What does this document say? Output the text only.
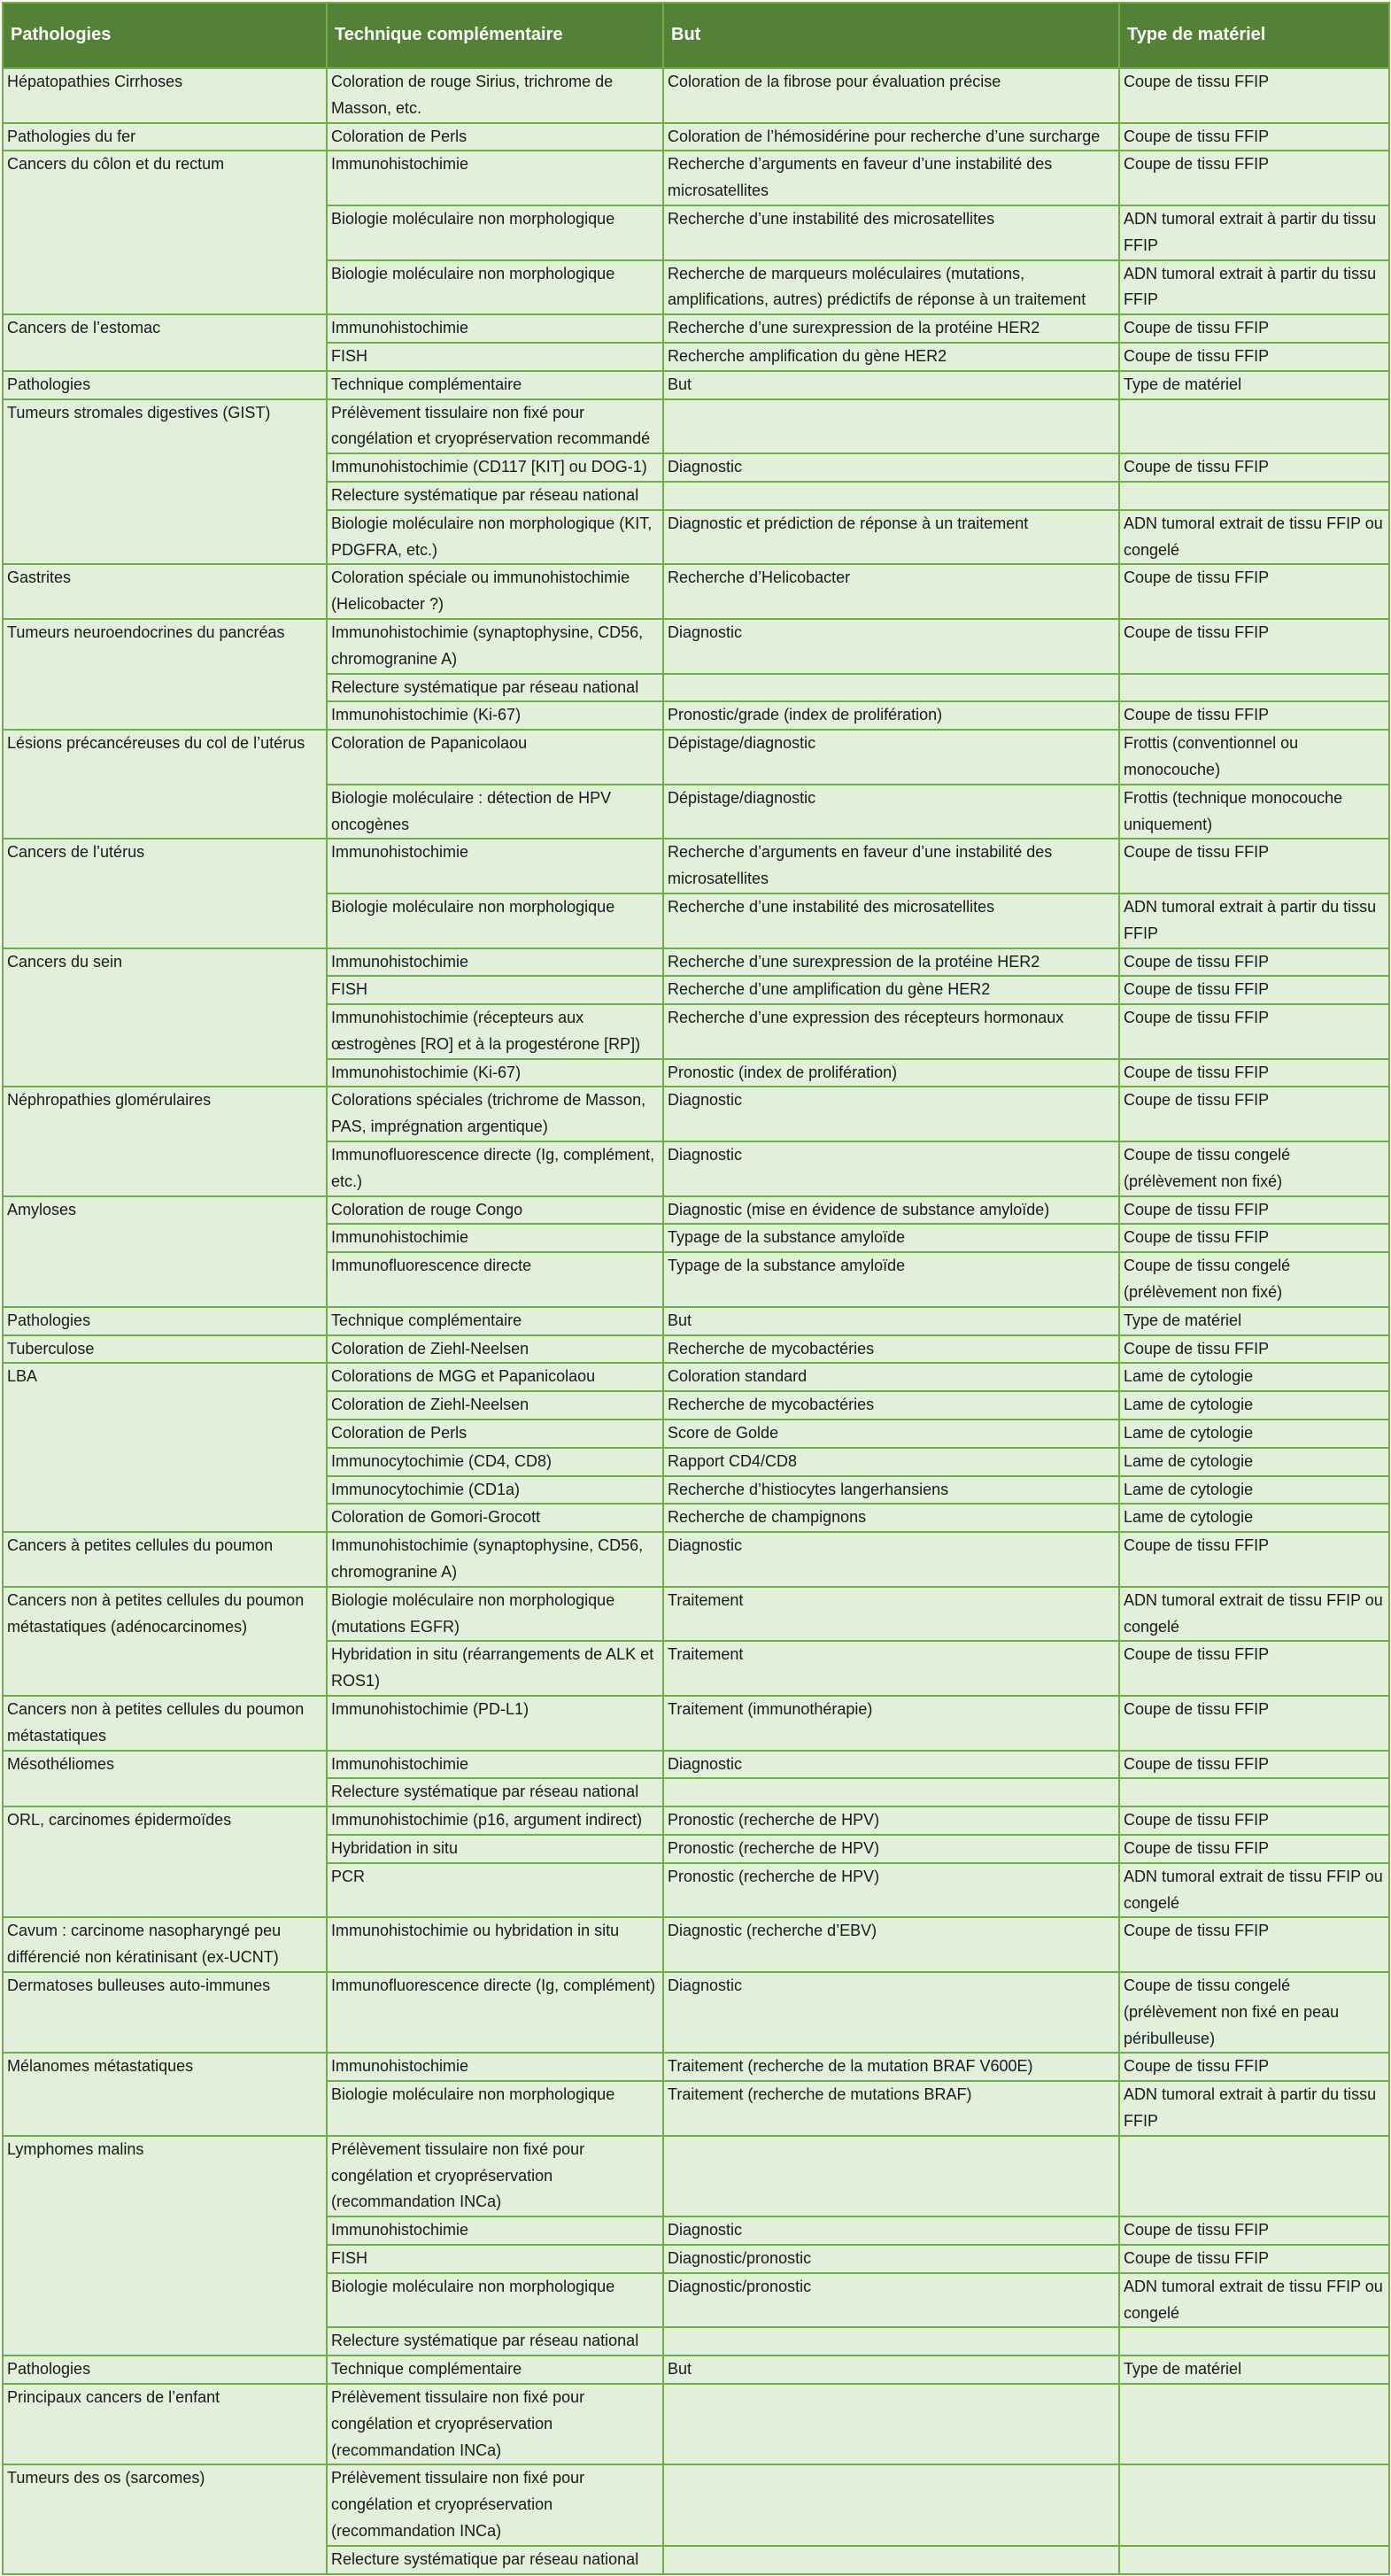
Pathologies	Technique complémentaire	But	Type de matériel
Hépatopathies Cirrhoses	Coloration de rouge Sirius, trichrome de Masson, etc.	Coloration de la fibrose pour évaluation précise	Coupe de tissu FFIP
Pathologies du fer	Coloration de Perls	Coloration de l’hémosidérine pour recherche d’une surcharge	Coupe de tissu FFIP
Cancers du côlon et du rectum	Immunohistochimie	Recherche d’arguments en faveur d’une instabilité des microsatellites	Coupe de tissu FFIP
	Biologie moléculaire non morphologique	Recherche d’une instabilité des microsatellites	ADN tumoral extrait à partir du tissu FFIP
	Biologie moléculaire non morphologique	Recherche de marqueurs moléculaires (mutations, amplifications, autres) prédictifs de réponse à un traitement	ADN tumoral extrait à partir du tissu FFIP
Cancers de l’estomac	Immunohistochimie	Recherche d’une surexpression de la protéine HER2	Coupe de tissu FFIP
	FISH	Recherche amplification du gène HER2	Coupe de tissu FFIP
Pathologies	Technique complémentaire	But	Type de matériel
Tumeurs stromales digestives (GIST)	Prélèvement tissulaire non fixé pour congélation et cryopréservation recommandé		
	Immunohistochimie (CD117 [KIT] ou DOG-1)	Diagnostic	Coupe de tissu FFIP
	Relecture systématique par réseau national		
	Biologie moléculaire non morphologique (KIT, PDGFRA, etc.)	Diagnostic et prédiction de réponse à un traitement	ADN tumoral extrait de tissu FFIP ou congelé
Gastrites	Coloration spéciale ou immunohistochimie (Helicobacter ?)	Recherche d’Helicobacter	Coupe de tissu FFIP
Tumeurs neuroendocrines du pancréas	Immunohistochimie (synaptophysine, CD56, chromogranine A)	Diagnostic	Coupe de tissu FFIP
	Relecture systématique par réseau national		
	Immunohistochimie (Ki-67)	Pronostic/grade (index de prolifération)	Coupe de tissu FFIP
Lésions précancéreuses du col de l’utérus	Coloration de Papanicolaou	Dépistage/diagnostic	Frottis (conventionnel ou monocouche)
	Biologie moléculaire : détection de HPV oncogènes	Dépistage/diagnostic	Frottis (technique monocouche uniquement)
Cancers de l’utérus	Immunohistochimie	Recherche d’arguments en faveur d’une instabilité des microsatellites	Coupe de tissu FFIP
	Biologie moléculaire non morphologique	Recherche d’une instabilité des microsatellites	ADN tumoral extrait à partir du tissu FFIP
Cancers du sein	Immunohistochimie	Recherche d’une surexpression de la protéine HER2	Coupe de tissu FFIP
	FISH	Recherche d’une amplification du gène HER2	Coupe de tissu FFIP
	Immunohistochimie (récepteurs aux œstrogènes [RO] et à la progestérone [RP])	Recherche d’une expression des récepteurs hormonaux	Coupe de tissu FFIP
	Immunohistochimie (Ki-67)	Pronostic (index de prolifération)	Coupe de tissu FFIP
Néphropathies glomérulaires	Colorations spéciales (trichrome de Masson, PAS, imprégnation argentique)	Diagnostic	Coupe de tissu FFIP
	Immunofluorescence directe (Ig, complément, etc.)	Diagnostic	Coupe de tissu congelé (prélèvement non fixé)
Amyloses	Coloration de rouge Congo	Diagnostic (mise en évidence de substance amyloïde)	Coupe de tissu FFIP
	Immunohistochimie	Typage de la substance amyloïde	Coupe de tissu FFIP
	Immunofluorescence directe	Typage de la substance amyloïde	Coupe de tissu congelé (prélèvement non fixé)
Pathologies	Technique complémentaire	But	Type de matériel
Tuberculose	Coloration de Ziehl-Neelsen	Recherche de mycobactéries	Coupe de tissu FFIP
LBA	Colorations de MGG et Papanicolaou	Coloration standard	Lame de cytologie
	Coloration de Ziehl-Neelsen	Recherche de mycobactéries	Lame de cytologie
	Coloration de Perls	Score de Golde	Lame de cytologie
	Immunocytochimie (CD4, CD8)	Rapport CD4/CD8	Lame de cytologie
	Immunocytochimie (CD1a)	Recherche d’histiocytes langerhansiens	Lame de cytologie
	Coloration de Gomori-Grocott	Recherche de champignons	Lame de cytologie
Cancers à petites cellules du poumon	Immunohistochimie (synaptophysine, CD56, chromogranine A)	Diagnostic	Coupe de tissu FFIP
Cancers non à petites cellules du poumon métastatiques (adénocarcinomes)	Biologie moléculaire non morphologique (mutations EGFR)	Traitement	ADN tumoral extrait de tissu FFIP ou congelé
	Hybridation in situ (réarrangements de ALK et ROS1)	Traitement	Coupe de tissu FFIP
Cancers non à petites cellules du poumon métastatiques	Immunohistochimie (PD-L1)	Traitement (immunothérapie)	Coupe de tissu FFIP
Mésothéliomes	Immunohistochimie	Diagnostic	Coupe de tissu FFIP
	Relecture systématique par réseau national		
ORL, carcinomes épidermoïdes	Immunohistochimie (p16, argument indirect)	Pronostic (recherche de HPV)	Coupe de tissu FFIP
	Hybridation in situ	Pronostic (recherche de HPV)	Coupe de tissu FFIP
	PCR	Pronostic (recherche de HPV)	ADN tumoral extrait de tissu FFIP ou congelé
Cavum : carcinome nasopharyngé peu différencié non kératinisant (ex-UCNT)	Immunohistochimie ou hybridation in situ	Diagnostic (recherche d’EBV)	Coupe de tissu FFIP
Dermatoses bulleuses auto-immunes	Immunofluorescence directe (Ig, complément)	Diagnostic	Coupe de tissu congelé (prélèvement non fixé en peau péribulleuse)
Mélanomes métastatiques	Immunohistochimie	Traitement (recherche de la mutation BRAF V600E)	Coupe de tissu FFIP
	Biologie moléculaire non morphologique	Traitement (recherche de mutations BRAF)	ADN tumoral extrait à partir du tissu FFIP
Lymphomes malins	Prélèvement tissulaire non fixé pour congélation et cryopréservation (recommandation INCa)		
	Immunohistochimie	Diagnostic	Coupe de tissu FFIP
	FISH	Diagnostic/pronostic	Coupe de tissu FFIP
	Biologie moléculaire non morphologique	Diagnostic/pronostic	ADN tumoral extrait de tissu FFIP ou congelé
	Relecture systématique par réseau national		
Pathologies	Technique complémentaire	But	Type de matériel
Principaux cancers de l’enfant	Prélèvement tissulaire non fixé pour congélation et cryopréservation (recommandation INCa)		
Tumeurs des os (sarcomes)	Prélèvement tissulaire non fixé pour congélation et cryopréservation (recommandation INCa)		
	Relecture systématique par réseau national		
